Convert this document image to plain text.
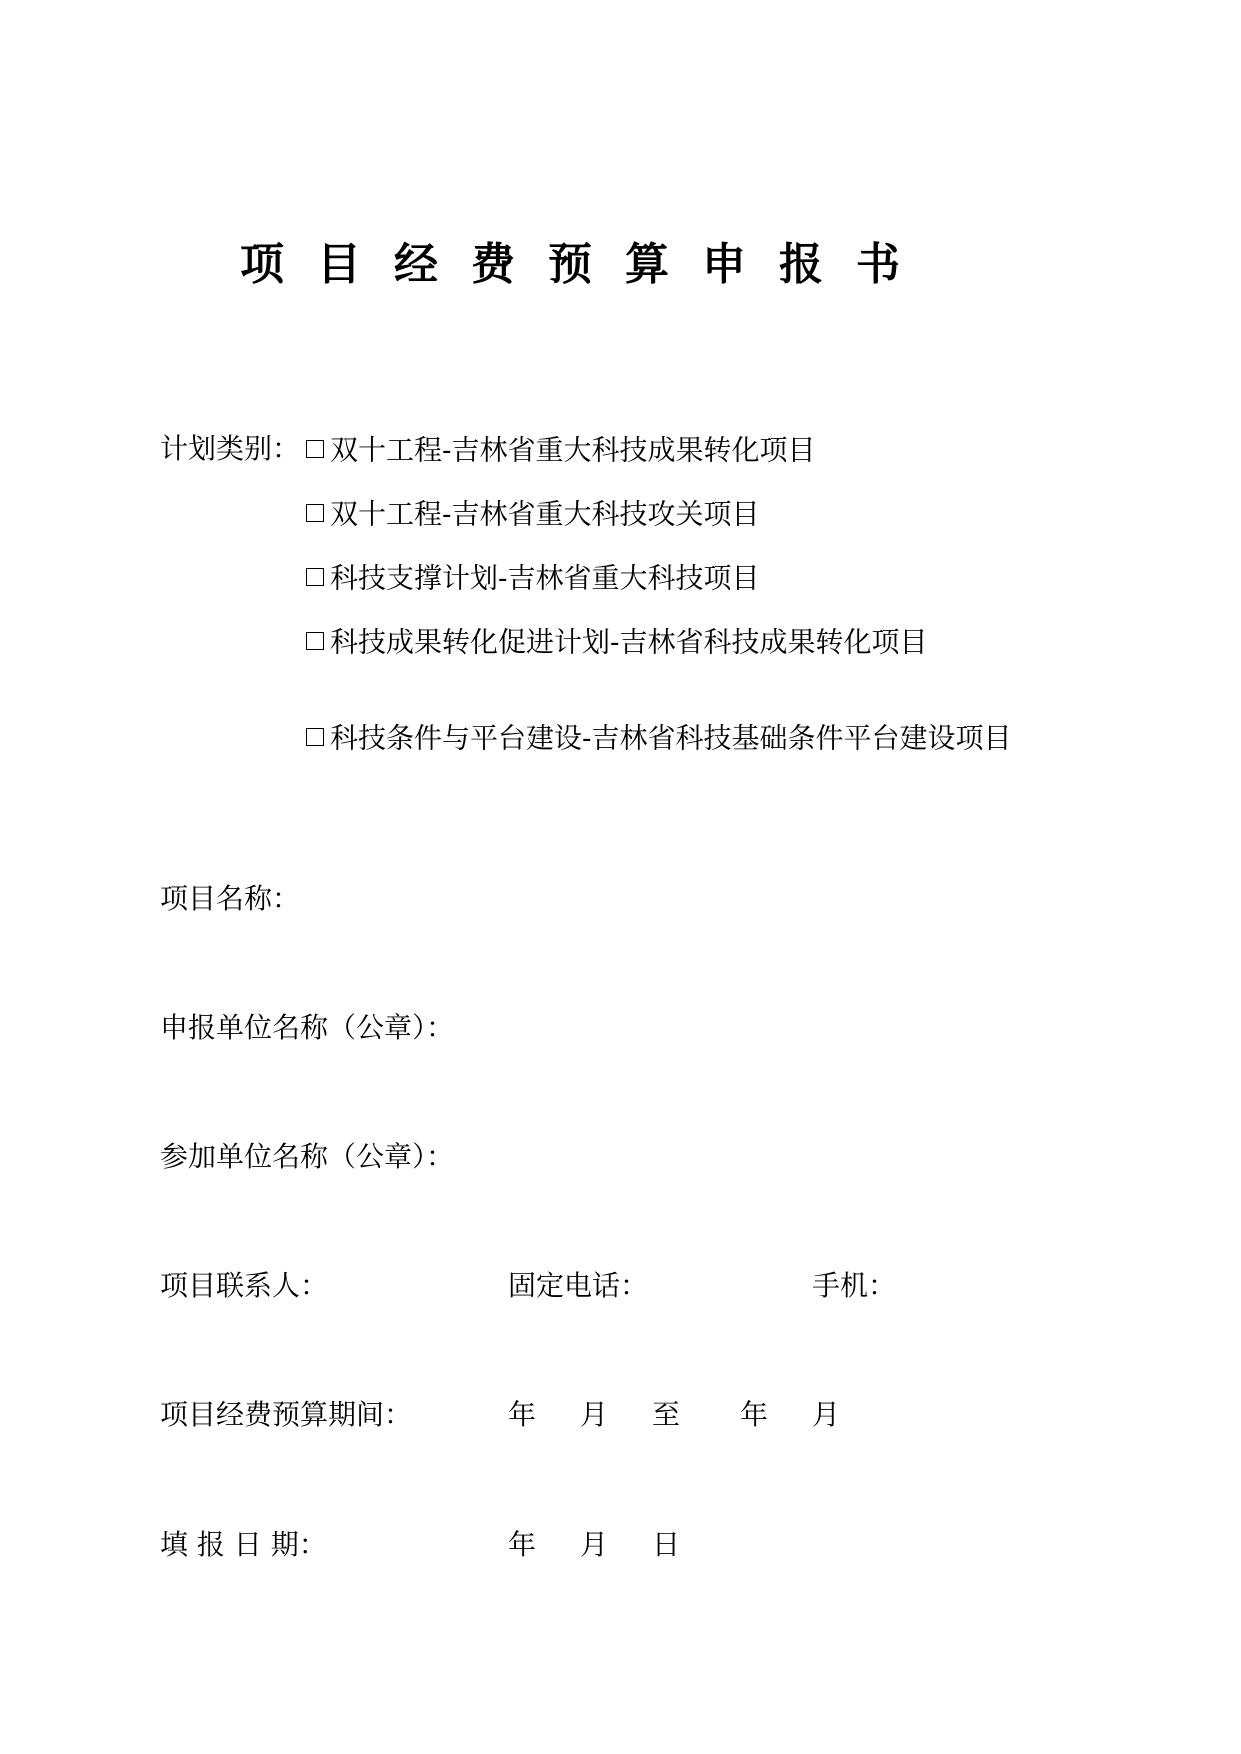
项目经费预算申报书
计划类别：	双十工程-吉林省重大科技成果转化项目
双十工程-吉林省重大科技攻关项目
科技支撑计划-吉林省重大科技项目
科技成果转化促进计划-吉林省科技成果转化项目
科技条件与平台建设-吉林省科技基础条件平台建设项目
项目名称：
申报单位名称（公章）：
参加单位名称（公章）：
项目联系人：	固定电话：	手机：
项目经费预算期间：	年 月 至 年 月
填 报 日 期：	年 月 日
